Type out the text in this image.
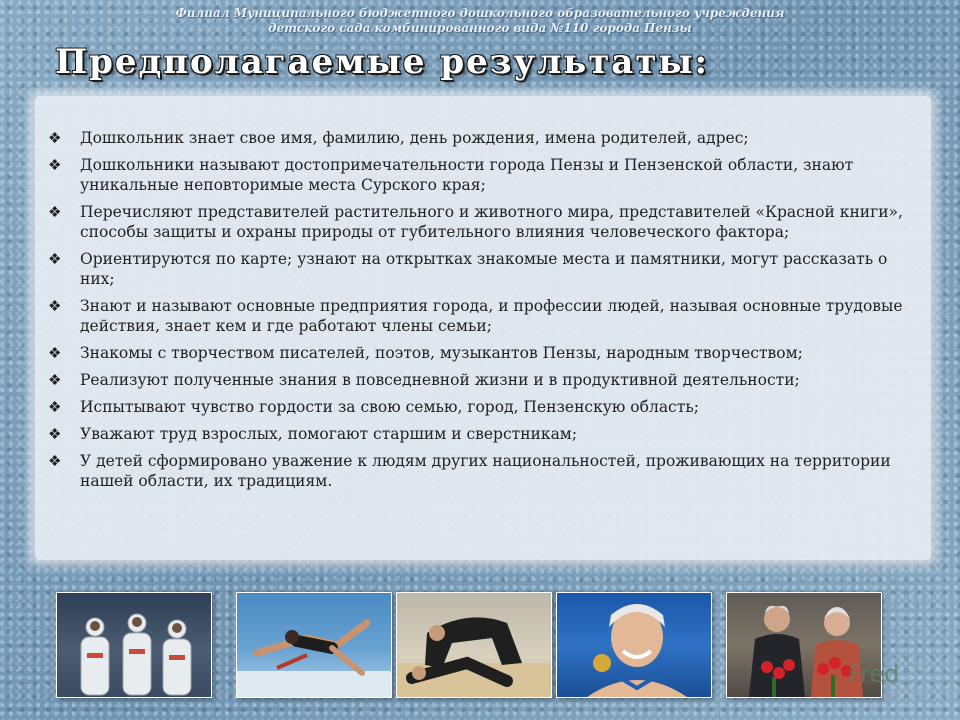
Филиал Муниципального бюджетного дошкольного образовательного учреждения
детского сада комбинированного вида №110 города Пензы
Предполагаемые результаты:
❖ Дошкольник знает свое имя, фамилию, день рождения, имена родителей, адрес;
❖ Дошкольники называют достопримечательности города Пензы и Пензенской области, знают уникальные неповторимые места Сурского края;
❖ Перечисляют представителей растительного и животного мира, представителей «Красной книги», способы защиты и охраны природы от губительного влияния человеческого фактора;
❖ Ориентируются по карте; узнают на открытках знакомые места и памятники, могут рассказать о них;
❖ Знают и называют основные предприятия города, и профессии людей, называя основные трудовые действия, знает кем и где работают члены семьи;
❖ Знакомы с творчеством писателей, поэтов, музыкантов Пензы, народным творчеством;
❖ Реализуют полученные знания в повседневной жизни и в продуктивной деятельности;
❖ Испытывают чувство гордости за свою семью, город, Пензенскую область;
❖ Уважают труд взрослых, помогают старшим и сверстникам;
❖ У детей сформировано уважение к людям других национальностей, проживающих на территории нашей области, их традициям.
Fred
